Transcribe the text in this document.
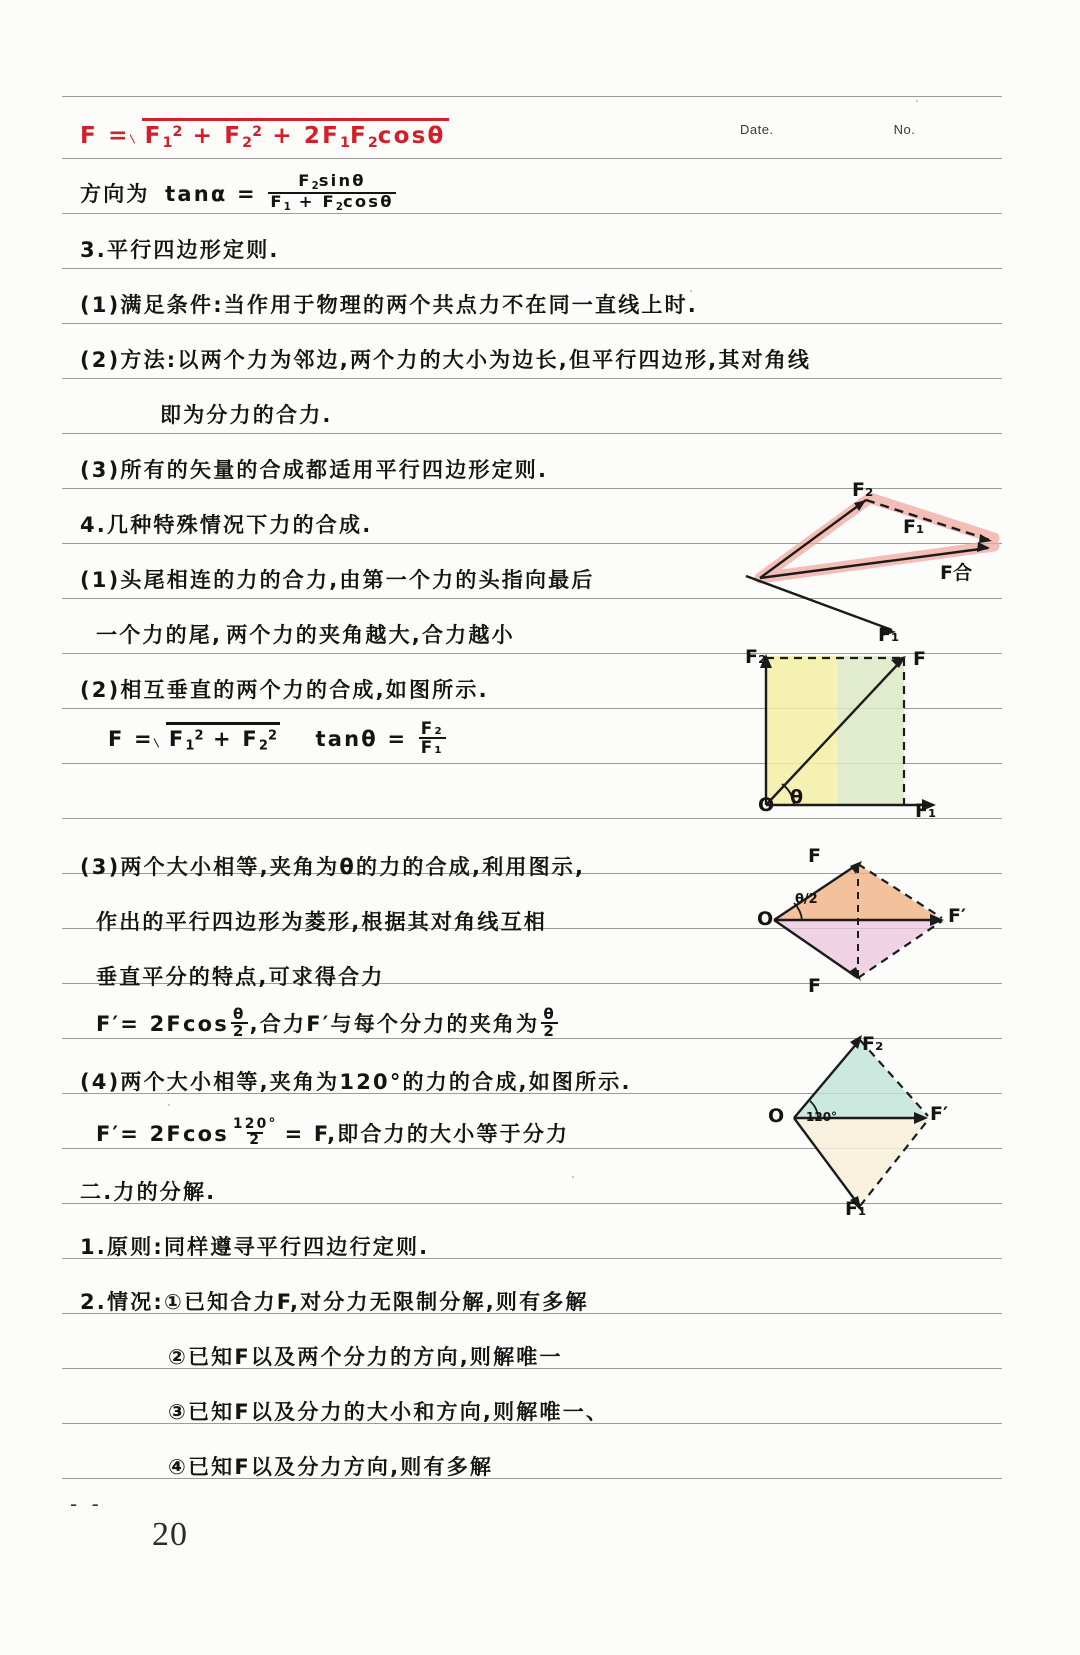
Date.	No.
$F = F_1^2 + F_2^2 + 2F_1F_2\cos\theta$
方向为 $\tan\alpha = \frac{F_2\sin\theta}{F_1 + F_2\cos\theta}$
3.平行四边形定则.
(1)满足条件:当作用于物理的两个共点力不在同一直线上时.
(2)方法:以两个力为邻边,两个力的大小为边长,但平行四边形,其对角线
即为分力的合力.
(3)所有的矢量的合成都适用平行四边形定则.
4.几种特殊情况下力的合成.
(1)头尾相连的力的合力,由第一个力的头指向最后
一个力的尾, 两个力的夹角越大,合力越小
(2)相互垂直的两个力的合成,如图所示.
$F = F_1^2 + F_2^2$ $\tan\theta = \frac{\text{F₂}}{\text{F₁}}$
(3)两个大小相等,夹角为θ的力的合成,利用图示,
作出的平行四边形为菱形,根据其对角线互相
垂直平分的特点,可求得合力
$F'= 2Fcos \frac{\theta}{2}$ ,合力F′与每个分力的夹角为 $\frac{\theta}{2}$
(4)两个大小相等,夹角为120°的力的合成,如图所示.
$F'= 2Fcos \frac{120^\circ}{2} = F$,即合力的大小等于分力
二.力的分解.
1.原则:同样遵寻平行四边行定则.
2.情况:①已知合力F,对分力无限制分解,则有多解
②已知F以及两个分力的方向,则解唯一
③已知F以及分力的大小和方向,则解唯一、
④已知F以及分力方向,则有多解
F₂
F₁
F合
F₂
F₁
F
O θ
F₁
F
F
O	F′
θ/2
F₂
F₁
O	F′
120°
- -
20
